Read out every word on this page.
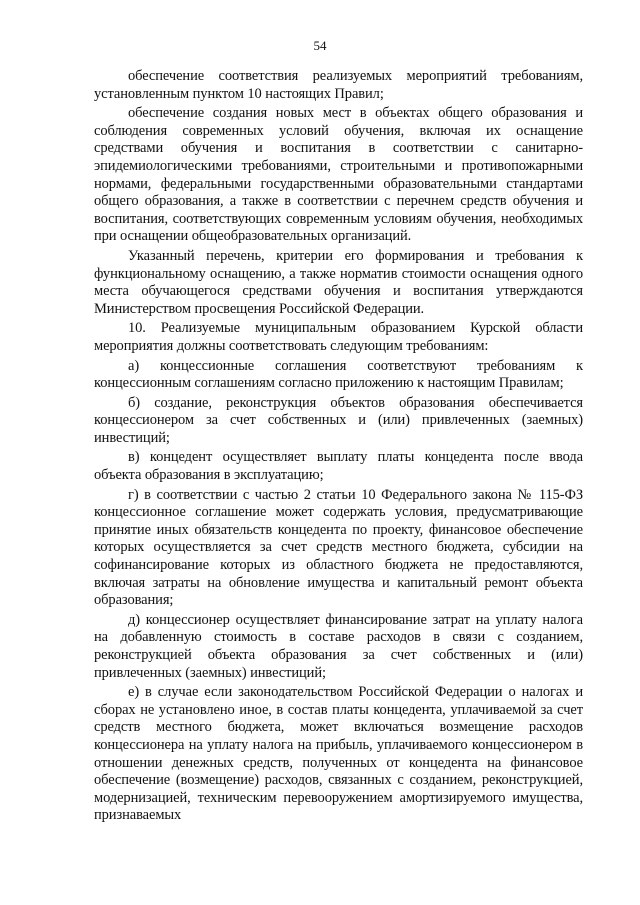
54

обеспечение соответствия реализуемых мероприятий требованиям, установленным пунктом 10 настоящих Правил;

обеспечение создания новых мест в объектах общего образования и соблюдения современных условий обучения, включая их оснащение средствами обучения и воспитания в соответствии с санитарно-эпидемиологическими требованиями, строительными и противопожарными нормами, федеральными государственными образовательными стандартами общего образования, а также в соответствии с перечнем средств обучения и воспитания, соответствующих современным условиям обучения, необходимых при оснащении общеобразовательных организаций.

Указанный перечень, критерии его формирования и требования к функциональному оснащению, а также норматив стоимости оснащения одного места обучающегося средствами обучения и воспитания утверждаются Министерством просвещения Российской Федерации.

10. Реализуемые муниципальным образованием Курской области мероприятия должны соответствовать следующим требованиям:

а) концессионные соглашения соответствуют требованиям к концессионным соглашениям согласно приложению к настоящим Правилам;

б) создание, реконструкция объектов образования обеспечивается концессионером за счет собственных и (или) привлеченных (заемных) инвестиций;

в) концедент осуществляет выплату платы концедента после ввода объекта образования в эксплуатацию;

г) в соответствии с частью 2 статьи 10 Федерального закона № 115-ФЗ концессионное соглашение может содержать условия, предусматривающие принятие иных обязательств концедента по проекту, финансовое обеспечение которых осуществляется за счет средств местного бюджета, субсидии на софинансирование которых из областного бюджета не предоставляются, включая затраты на обновление имущества и капитальный ремонт объекта образования;

д) концессионер осуществляет финансирование затрат на уплату налога на добавленную стоимость в составе расходов в связи с созданием, реконструкцией объекта образования за счет собственных и (или) привлеченных (заемных) инвестиций;

е) в случае если законодательством Российской Федерации о налогах и сборах не установлено иное, в состав платы концедента, уплачиваемой за счет средств местного бюджета, может включаться возмещение расходов концессионера на уплату налога на прибыль, уплачиваемого концессионером в отношении денежных средств, полученных от концедента на финансовое обеспечение (возмещение) расходов, связанных с созданием, реконструкцией, модернизацией, техническим перевооружением амортизируемого имущества, признаваемых
